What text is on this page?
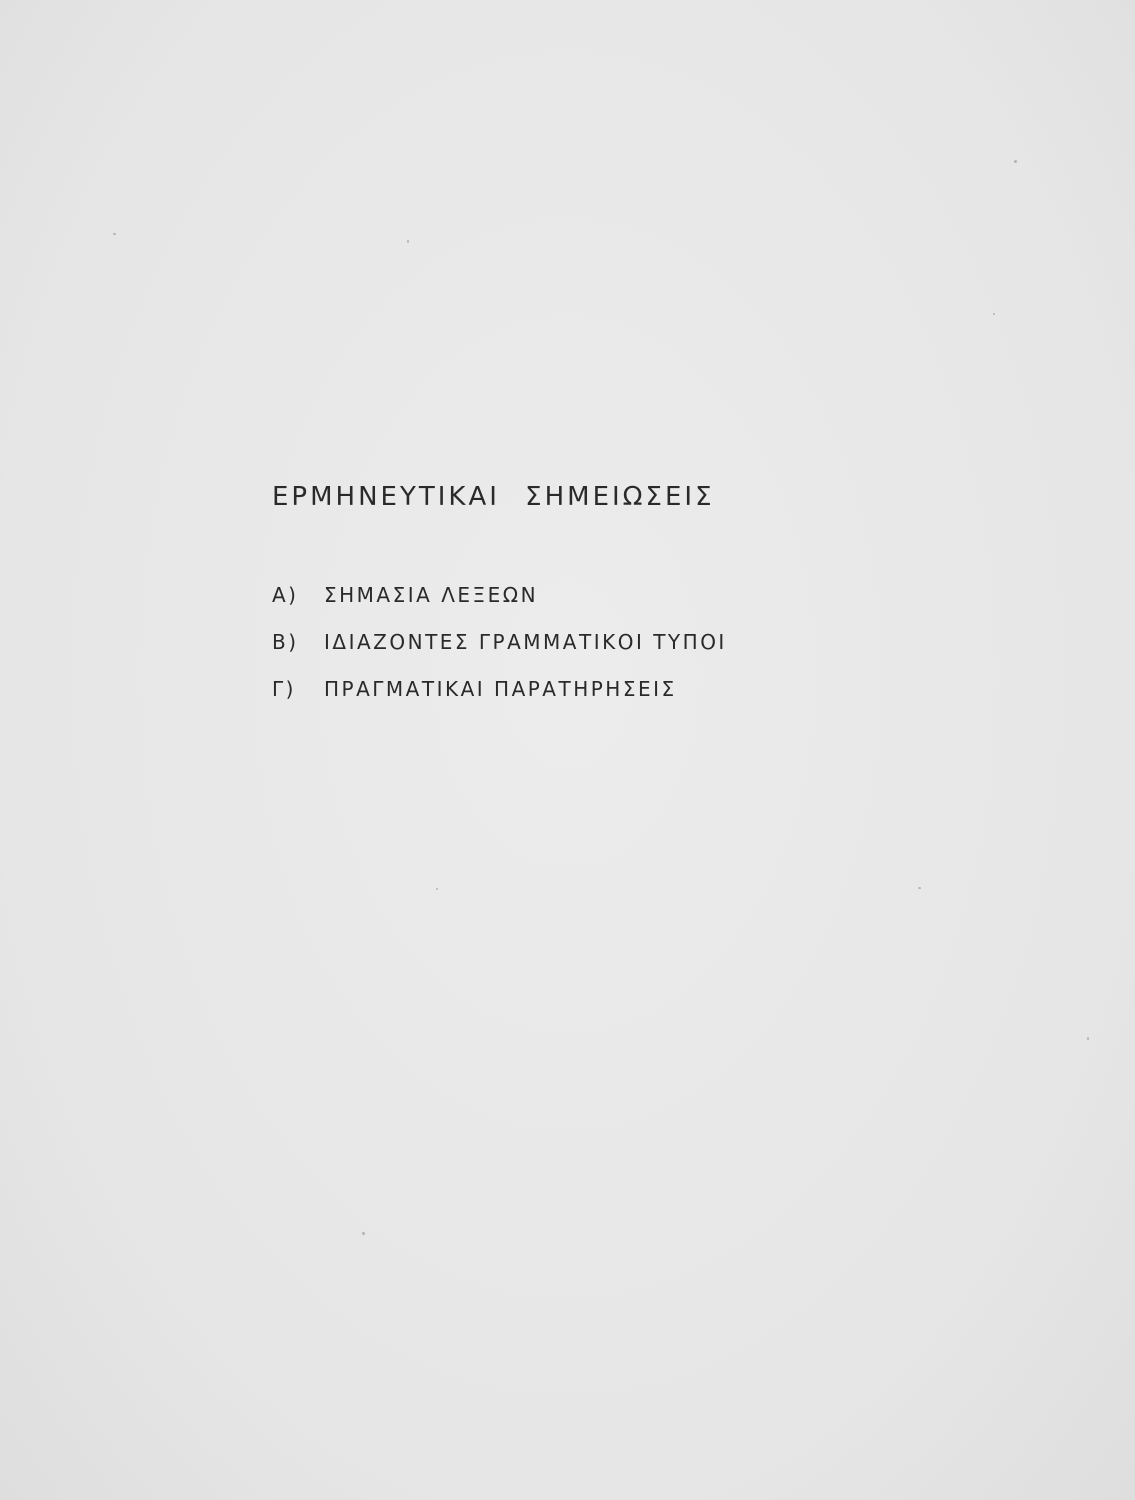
ΕΡΜΗΝΕΥΤΙΚΑΙ ΣΗΜΕΙΩΣΕΙΣ
Α)	ΣΗΜΑΣΙΑ ΛΕΞΕΩΝ
Β)	ΙΔΙΑΖΟΝΤΕΣ ΓΡΑΜΜΑΤΙΚΟΙ ΤΥΠΟΙ
Γ)	ΠΡΑΓΜΑΤΙΚΑΙ ΠΑΡΑΤΗΡΗΣΕΙΣ
